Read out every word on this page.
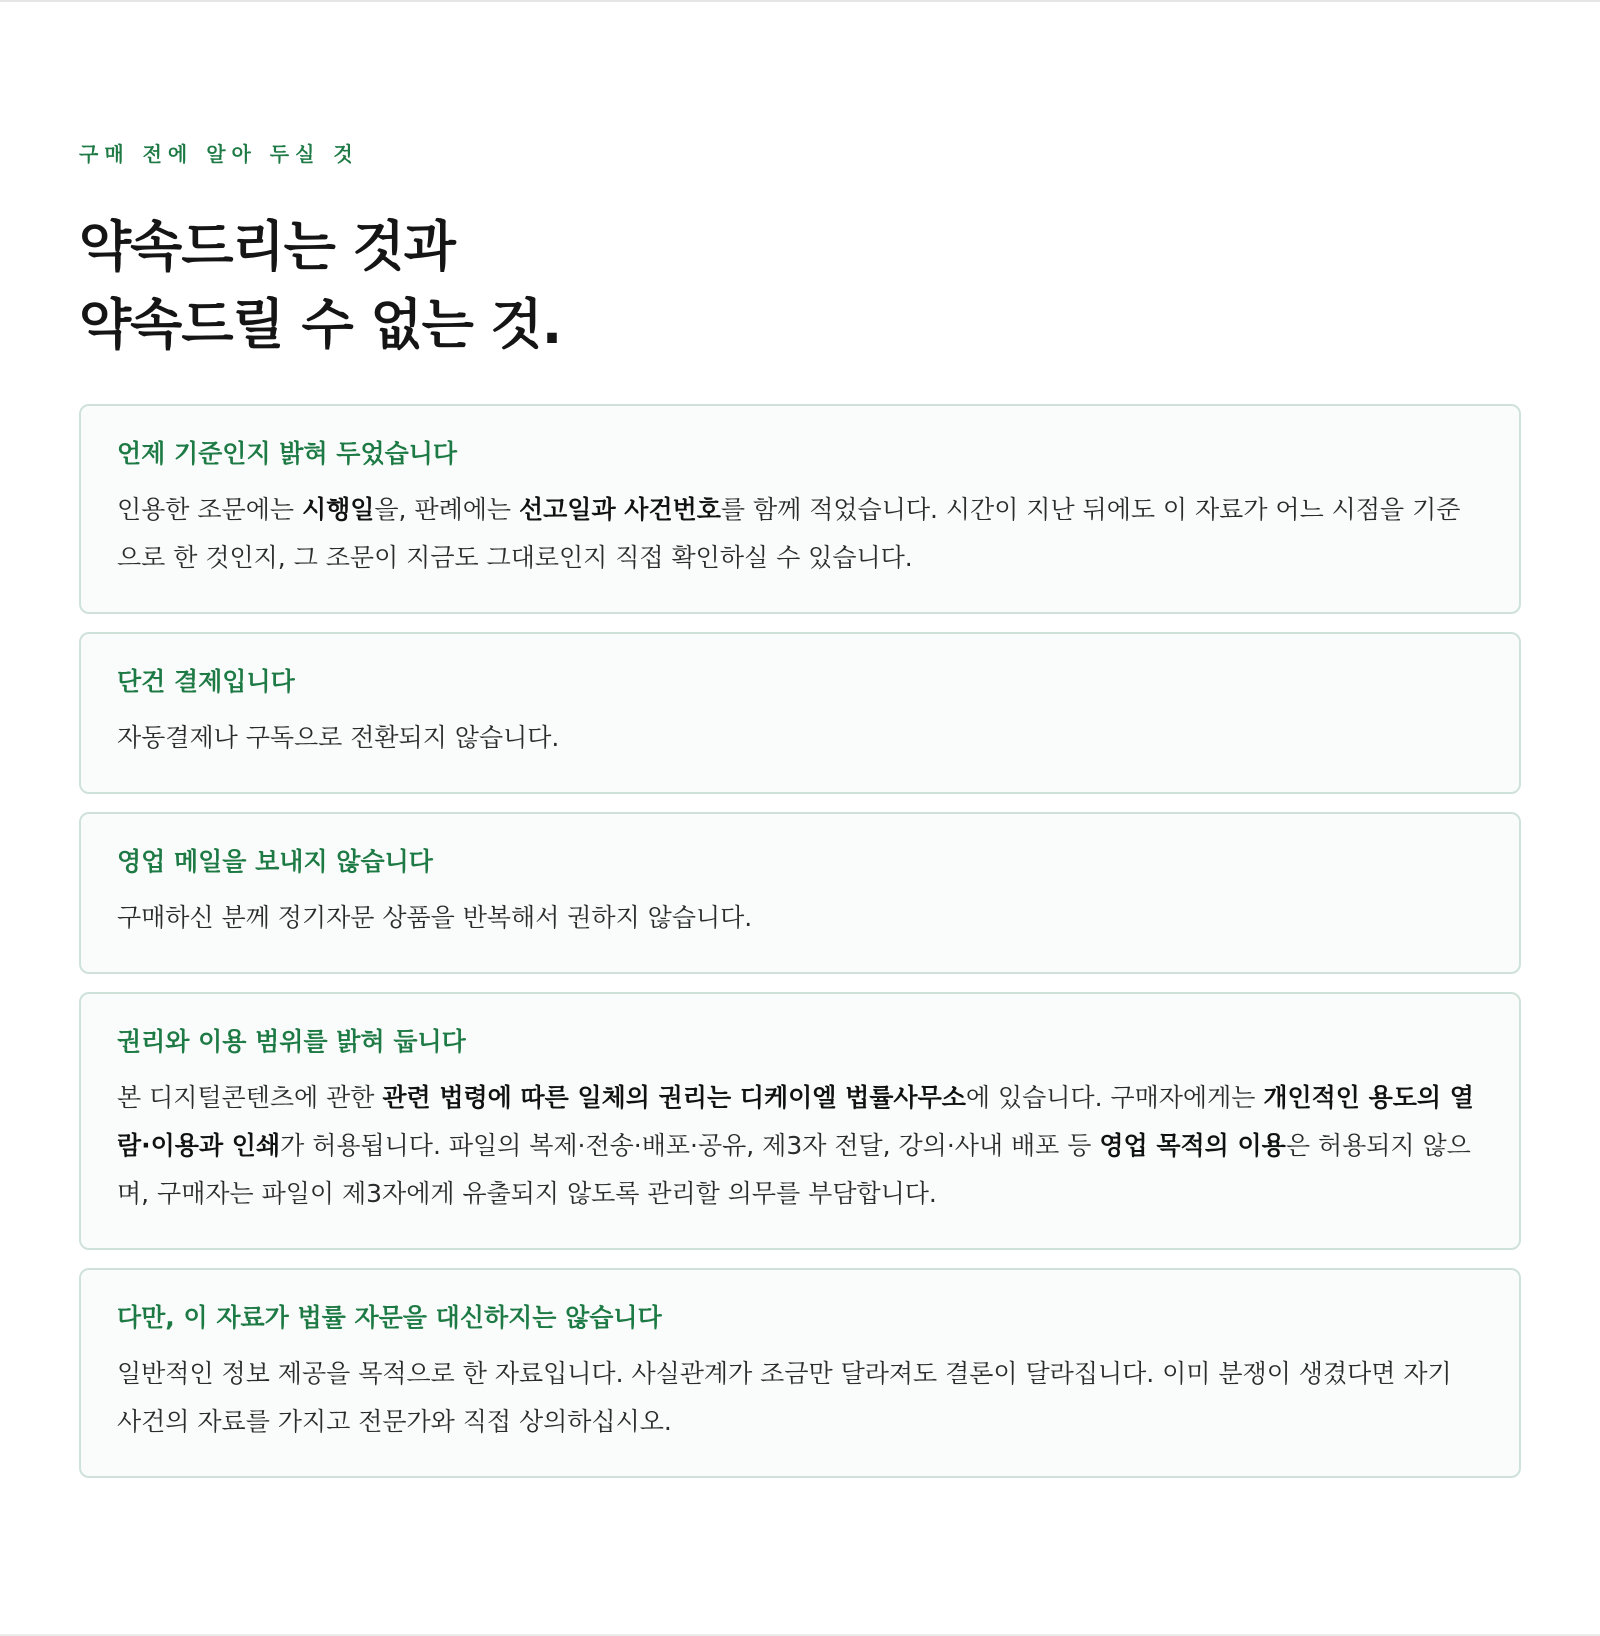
구매 전에 알아 두실 것
약속드리는 것과
약속드릴 수 없는 것.
언제 기준인지 밝혀 두었습니다

인용한 조문에는 시행일을, 판례에는 선고일과 사건번호를 함께 적었습니다. 시간이 지난 뒤에도 이 자료가 어느 시점을 기준으로 한 것인지, 그 조문이 지금도 그대로인지 직접 확인하실 수 있습니다.

단건 결제입니다

자동결제나 구독으로 전환되지 않습니다.

영업 메일을 보내지 않습니다

구매하신 분께 정기자문 상품을 반복해서 권하지 않습니다.

권리와 이용 범위를 밝혀 둡니다

본 디지털콘텐츠에 관한 관련 법령에 따른 일체의 권리는 디케이엘 법률사무소에 있습니다. 구매자에게는 개인적인 용도의 열람·이용과 인쇄가 허용됩니다. 파일의 복제·전송·배포·공유, 제3자 전달, 강의·사내 배포 등 영업 목적의 이용은 허용되지 않으며, 구매자는 파일이 제3자에게 유출되지 않도록 관리할 의무를 부담합니다.

다만, 이 자료가 법률 자문을 대신하지는 않습니다

일반적인 정보 제공을 목적으로 한 자료입니다. 사실관계가 조금만 달라져도 결론이 달라집니다. 이미 분쟁이 생겼다면 자기 사건의 자료를 가지고 전문가와 직접 상의하십시오.
